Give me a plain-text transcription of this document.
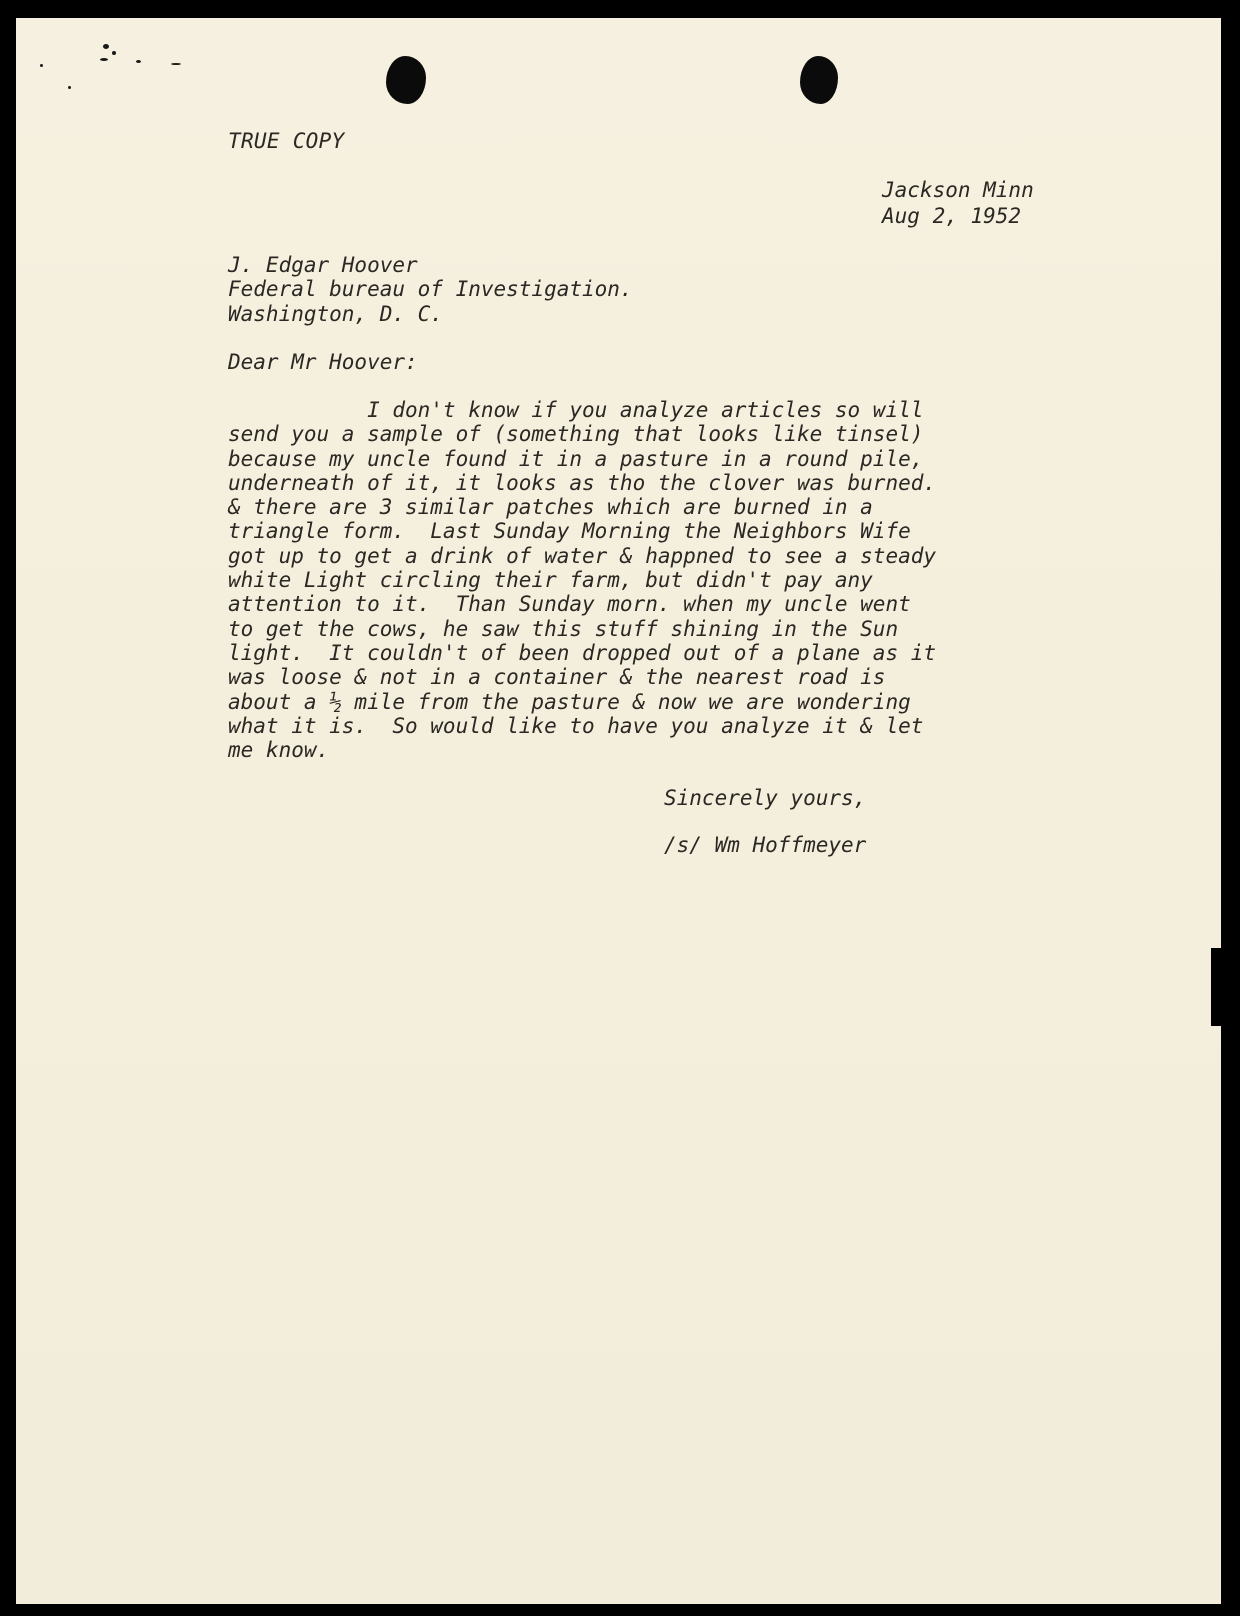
TRUE COPY
Jackson Minn
Aug 2, 1952
J. Edgar Hoover
Federal bureau of Investigation.
Washington, D. C.
Dear Mr Hoover:
I don't know if you analyze articles so will
send you a sample of (something that looks like tinsel)
because my uncle found it in a pasture in a round pile,
underneath of it, it looks as tho the clover was burned.
& there are 3 similar patches which are burned in a
triangle form.  Last Sunday Morning the Neighbors Wife
got up to get a drink of water & happned to see a steady
white Light circling their farm, but didn't pay any
attention to it.  Than Sunday morn. when my uncle went
to get the cows, he saw this stuff shining in the Sun
light.  It couldn't of been dropped out of a plane as it
was loose & not in a container & the nearest road is
about a ½ mile from the pasture & now we are wondering
what it is.  So would like to have you analyze it & let
me know.
Sincerely yours,
/s/ Wm Hoffmeyer
